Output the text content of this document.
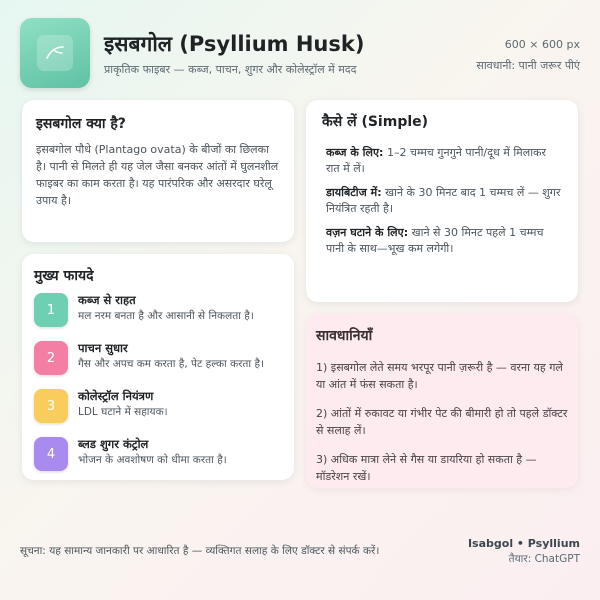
इसबगोल (Psyllium Husk)
प्राकृतिक फाइबर — कब्ज, पाचन, शुगर और कोलेस्ट्रॉल में मदद
600 × 600 px
सावधानी: पानी जरूर पीएं
इसबगोल क्या है?

इसबगोल पौधे (Plantago ovata) के बीजों का छिलका है। पानी से मिलते ही यह जेल जैसा बनकर आंतों में घुलनशील फाइबर का काम करता है। यह पारंपरिक और असरदार घरेलू उपाय है।

मुख्य फायदे
1
कब्ज से राहत
मल नरम बनता है और आसानी से निकलता है।
2
पाचन सुधार
गैस और अपच कम करता है, पेट हल्का करता है।
3
कोलेस्ट्रॉल नियंत्रण
LDL घटाने में सहायक।
4
ब्लड शुगर कंट्रोल
भोजन के अवशोषण को धीमा करता है।
कैसे लें (Simple)
कब्ज के लिए: 1–2 चम्मच गुनगुने पानी/दूध में मिलाकर रात में लें।
डायबिटीज में: खाने के 30 मिनट बाद 1 चम्मच लें — शुगर नियंत्रित रहती है।
वज़न घटाने के लिए: खाने से 30 मिनट पहले 1 चम्मच पानी के साथ—भूख कम लगेगी।
सावधानियाँ
1) इसबगोल लेते समय भरपूर पानी ज़रूरी है — वरना यह गले या आंत में फंस सकता है।
2) आंतों में रुकावट या गंभीर पेट की बीमारी हो तो पहले डॉक्टर से सलाह लें।
3) अधिक मात्रा लेने से गैस या डायरिया हो सकता है — मॉडरेशन रखें।
सूचना: यह सामान्य जानकारी पर आधारित है — व्यक्तिगत सलाह के लिए डॉक्टर से संपर्क करें।
Isabgol • Psyllium
तैयार: ChatGPT
